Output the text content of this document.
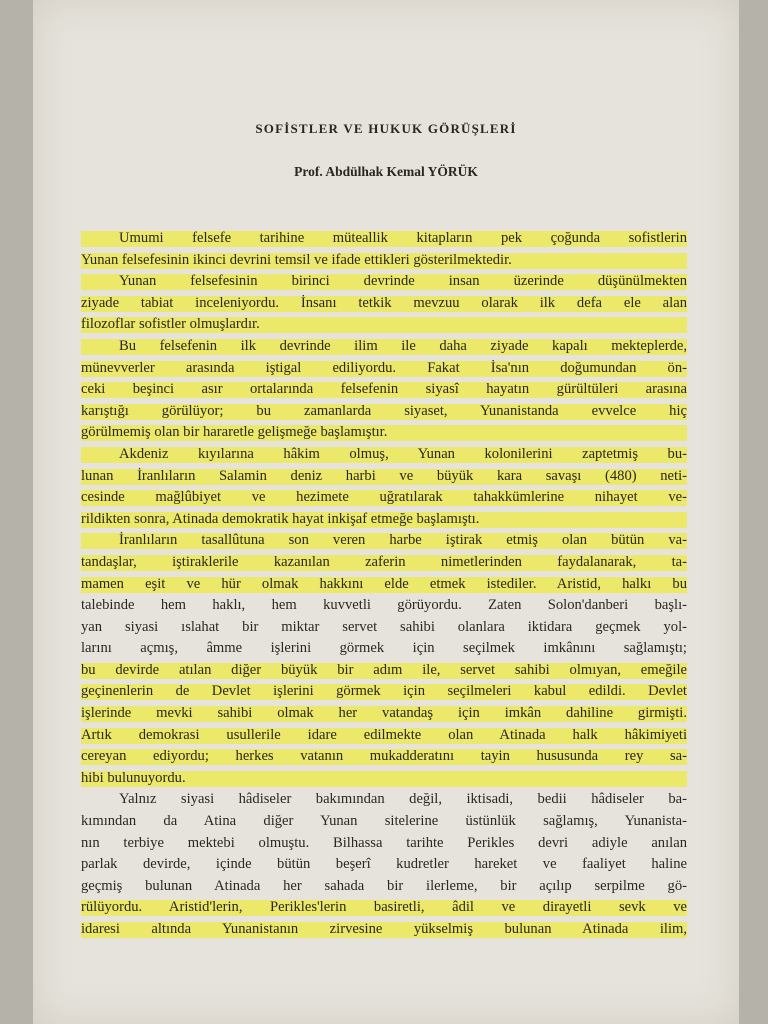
SOFİSTLER VE HUKUK GÖRÜŞLERİ
Prof. Abdülhak Kemal YÖRÜK
Umumi felsefe tarihine müteallik kitapların pek çoğunda sofistlerin
Yunan felsefesinin ikinci devrini temsil ve ifade ettikleri gösterilmektedir.
Yunan felsefesinin birinci devrinde insan üzerinde düşünülmekten
ziyade tabiat inceleniyordu. İnsanı tetkik mevzuu olarak ilk defa ele alan
filozoflar sofistler olmuşlardır.
Bu felsefenin ilk devrinde ilim ile daha ziyade kapalı mekteplerde,
münevverler arasında iştigal ediliyordu. Fakat İsa'nın doğumundan ön-
ceki beşinci asır ortalarında felsefenin siyasî hayatın gürültüleri arasına
karıştığı görülüyor; bu zamanlarda siyaset, Yunanistanda evvelce hiç
görülmemiş olan bir hararetle gelişmeğe başlamıştır.
Akdeniz kıyılarına hâkim olmuş, Yunan kolonilerini zaptetmiş bu-
lunan İranlıların Salamin deniz harbi ve büyük kara savaşı (480) neti-
cesinde mağlûbiyet ve hezimete uğratılarak tahakkümlerine nihayet ve-
rildikten sonra, Atinada demokratik hayat inkişaf etmeğe başlamıştı.
İranlıların tasallûtuna son veren harbe iştirak etmiş olan bütün va-
tandaşlar, iştiraklerile kazanılan zaferin nimetlerinden faydalanarak, ta-
mamen eşit ve hür olmak hakkını elde etmek istediler. Aristid, halkı bu
talebinde hem haklı, hem kuvvetli görüyordu. Zaten Solon'danberi başlı-
yan siyasi ıslahat bir miktar servet sahibi olanlara iktidara geçmek yol-
larını açmış, âmme işlerini görmek için seçilmek imkânını sağlamıştı;
bu devirde atılan diğer büyük bir adım ile, servet sahibi olmıyan, emeğile
geçinenlerin de Devlet işlerini görmek için seçilmeleri kabul edildi. Devlet
işlerinde mevki sahibi olmak her vatandaş için imkân dahiline girmişti.
Artık demokrasi usullerile idare edilmekte olan Atinada halk hâkimiyeti
cereyan ediyordu; herkes vatanın mukadderatını tayin hususunda rey sa-
hibi bulunuyordu.
Yalnız siyasi hâdiseler bakımından değil, iktisadi, bedii hâdiseler ba-
kımından da Atina diğer Yunan sitelerine üstünlük sağlamış, Yunanista-
nın terbiye mektebi olmuştu. Bilhassa tarihte Perikles devri adiyle anılan
parlak devirde, içinde bütün beşerî kudretler hareket ve faaliyet haline
geçmiş bulunan Atinada her sahada bir ilerleme, bir açılıp serpilme gö-
rülüyordu. Aristid'lerin, Perikles'lerin basiretli, âdil ve dirayetli sevk ve
idaresi altında Yunanistanın zirvesine yükselmiş bulunan Atinada ilim,
